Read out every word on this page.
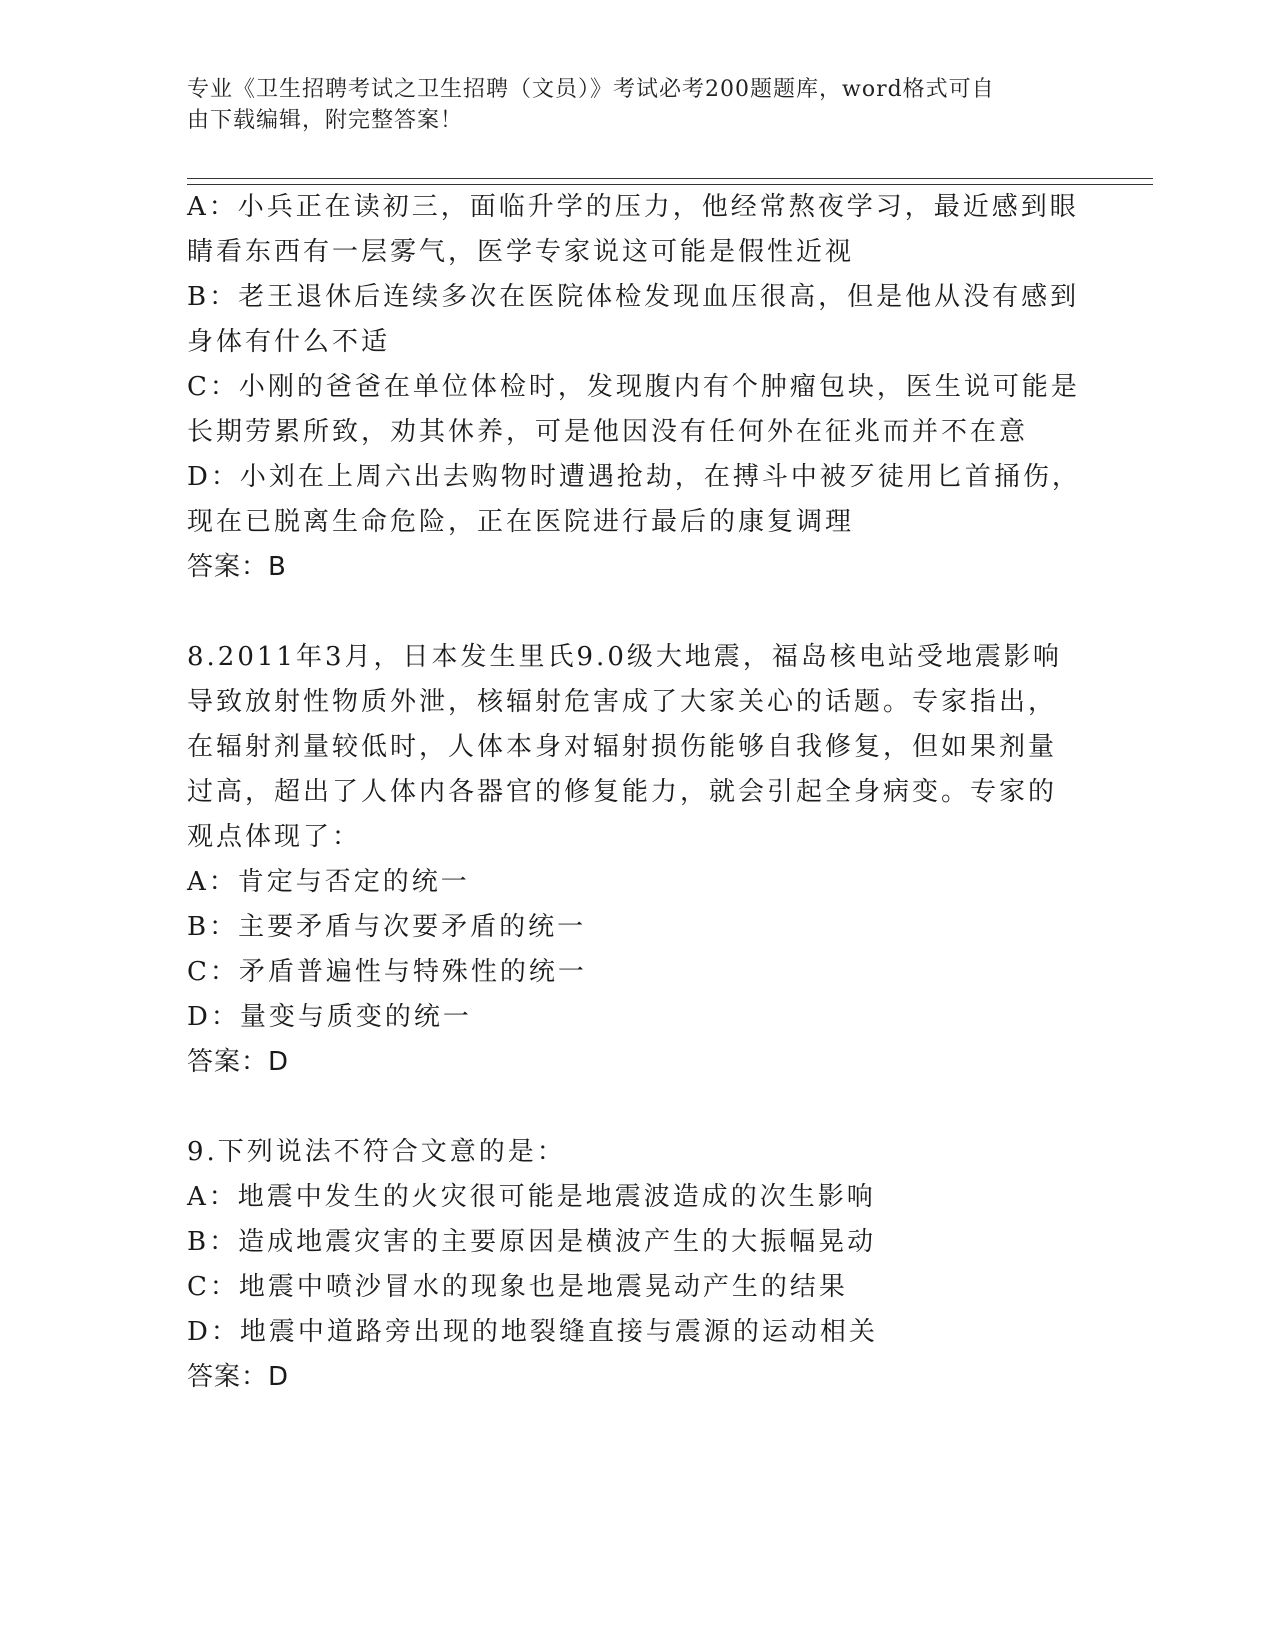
专业《卫生招聘考试之卫生招聘（文员）》考试必考200题题库，word格式可自
由下载编辑，附完整答案！
A：小兵正在读初三，面临升学的压力，他经常熬夜学习，最近感到眼
睛看东西有一层雾气，医学专家说这可能是假性近视
B：老王退休后连续多次在医院体检发现血压很高，但是他从没有感到
身体有什么不适
C：小刚的爸爸在单位体检时，发现腹内有个肿瘤包块，医生说可能是
长期劳累所致，劝其休养，可是他因没有任何外在征兆而并不在意
D：小刘在上周六出去购物时遭遇抢劫，在搏斗中被歹徒用匕首捅伤，
现在已脱离生命危险，正在医院进行最后的康复调理
答案：B
8.2011年3月，日本发生里氏9.0级大地震，福岛核电站受地震影响
导致放射性物质外泄，核辐射危害成了大家关心的话题。专家指出，
在辐射剂量较低时，人体本身对辐射损伤能够自我修复，但如果剂量
过高，超出了人体内各器官的修复能力，就会引起全身病变。专家的
观点体现了：
A：肯定与否定的统一
B：主要矛盾与次要矛盾的统一
C：矛盾普遍性与特殊性的统一
D：量变与质变的统一
答案：D
9.下列说法不符合文意的是：
A：地震中发生的火灾很可能是地震波造成的次生影响
B：造成地震灾害的主要原因是横波产生的大振幅晃动
C：地震中喷沙冒水的现象也是地震晃动产生的结果
D：地震中道路旁出现的地裂缝直接与震源的运动相关
答案：D
